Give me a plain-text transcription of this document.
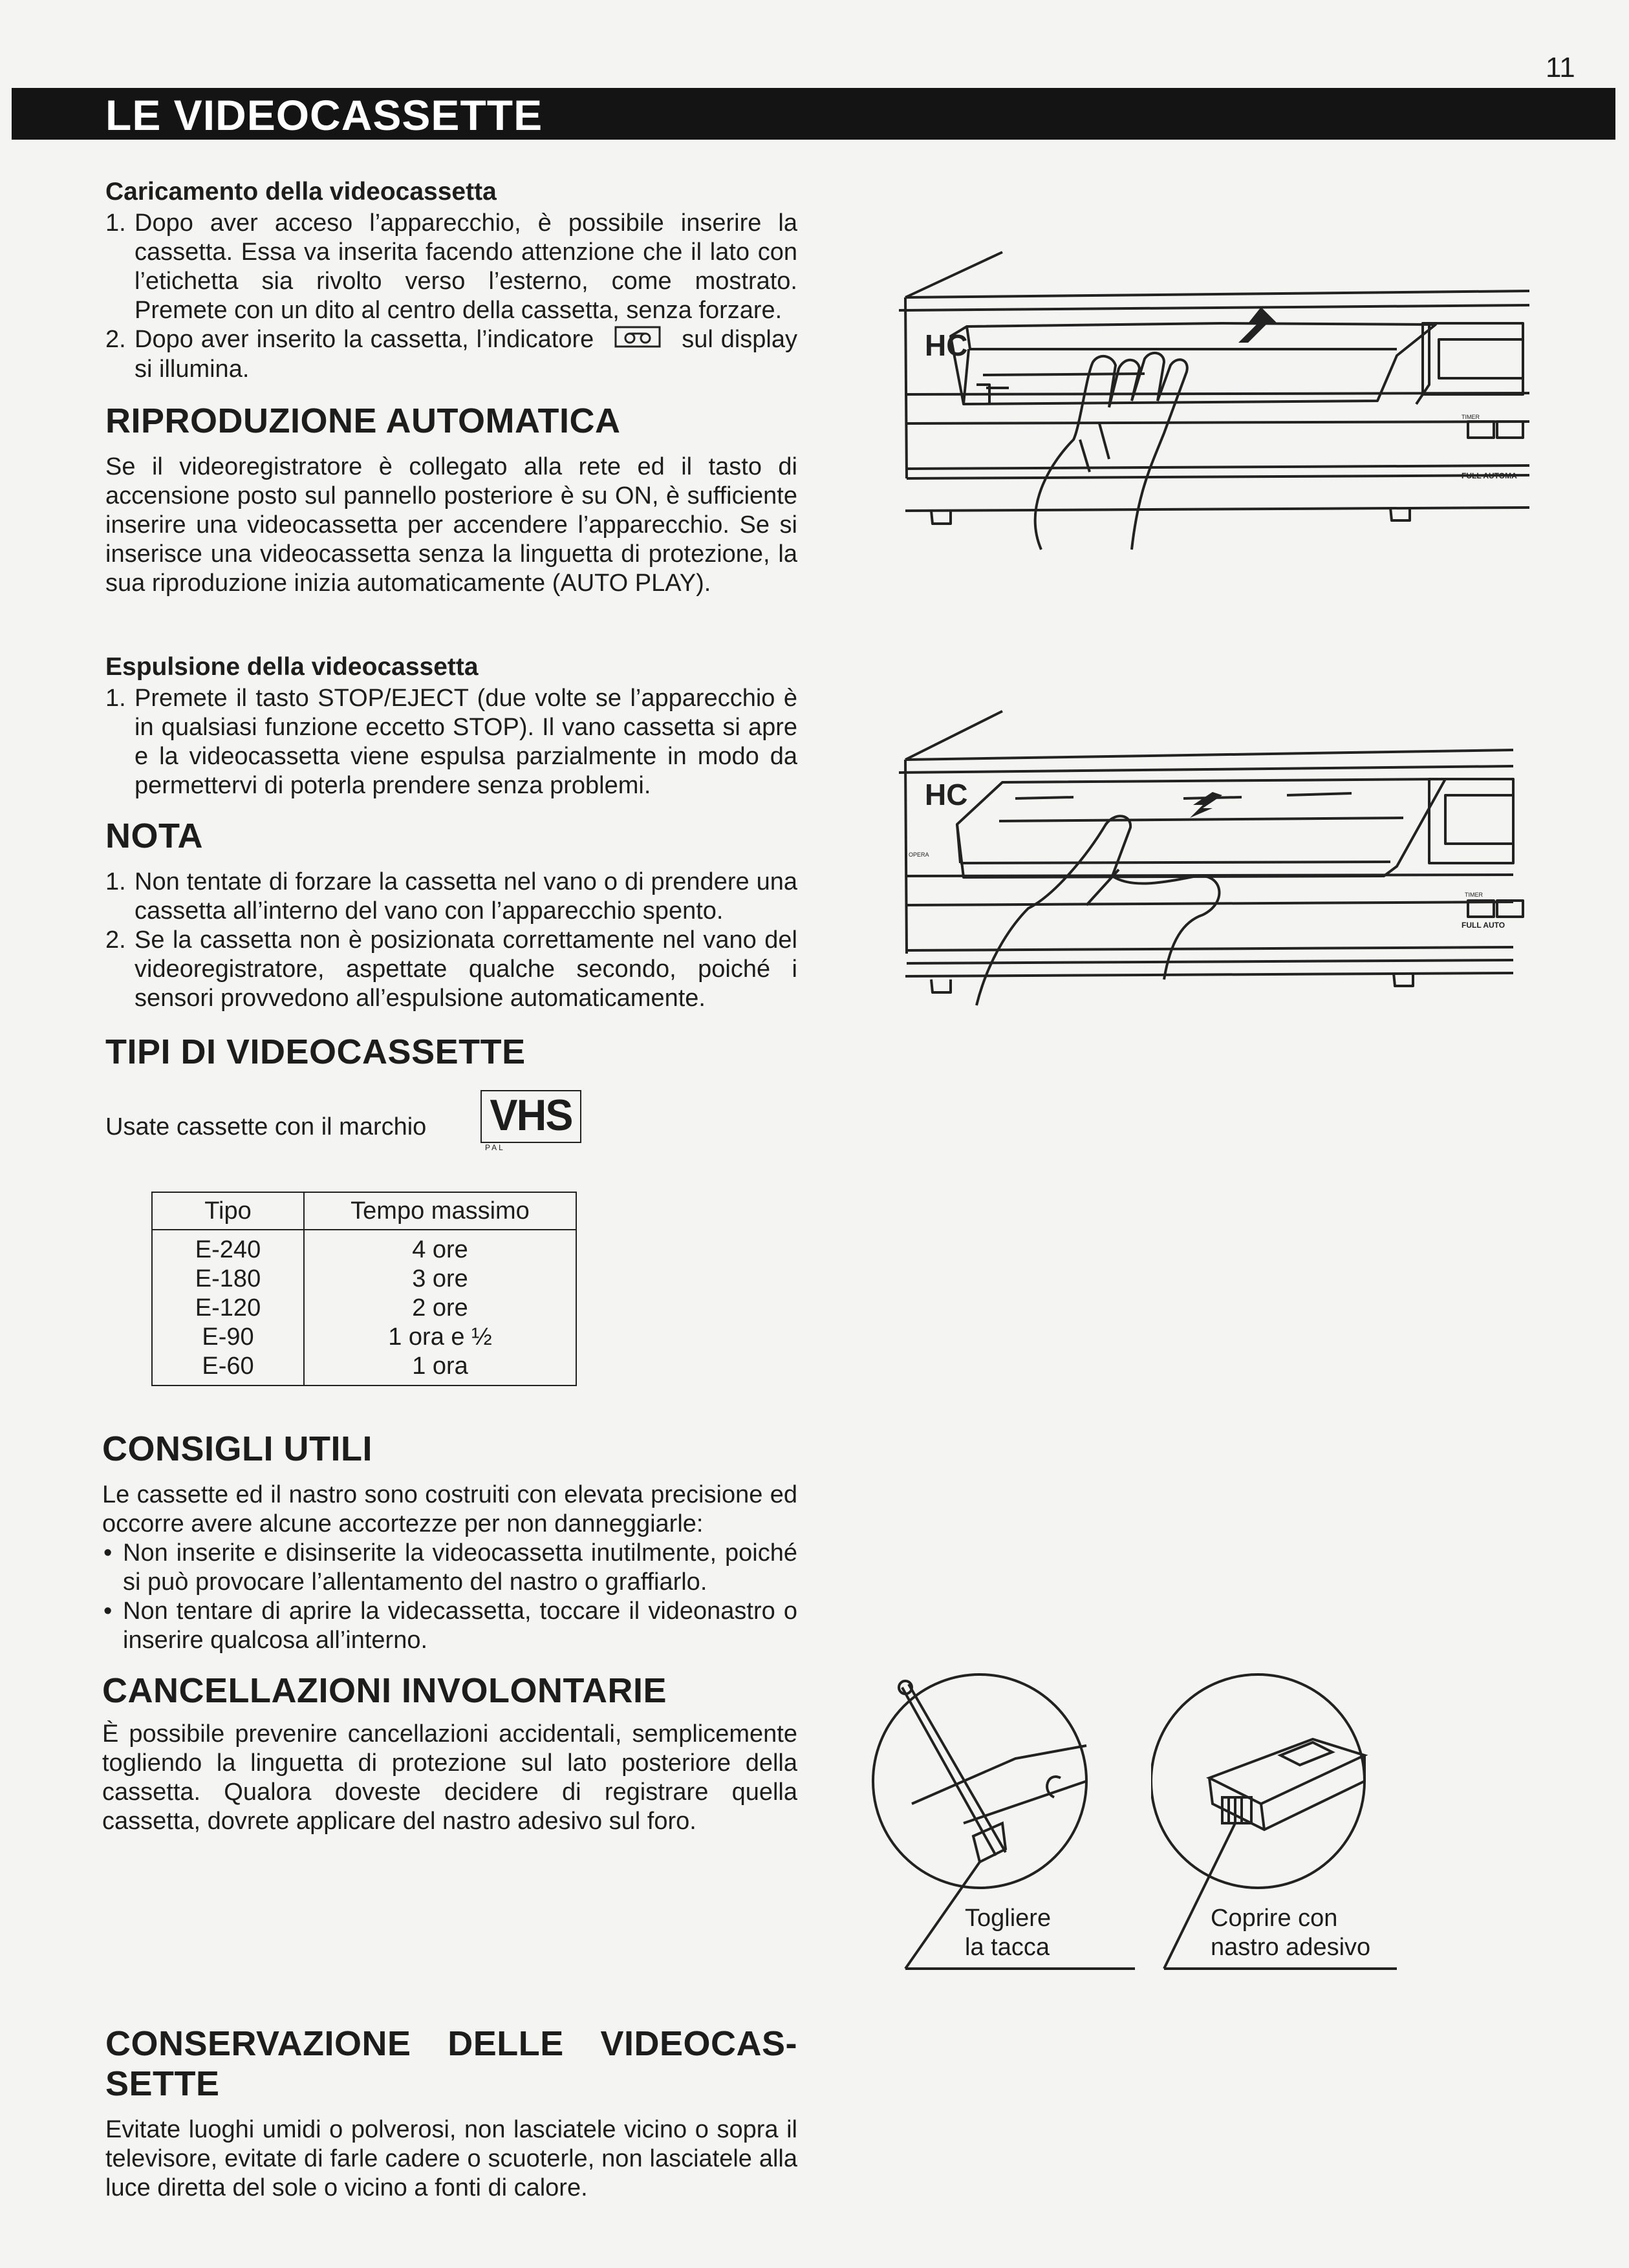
11
LE VIDEOCASSETTE
Caricamento della videocassetta
1. Dopo aver acceso l’apparecchio, è possibile inserire la cassetta. Essa va inserita facendo attenzione che il lato con l’etichetta sia rivolto verso l’esterno, come mostrato. Premete con un dito al centro della cassetta, senza forzare.
2. Dopo aver inserito la cassetta, l’indicatore	sul display si illumina.
RIPRODUZIONE AUTOMATICA
Se il videoregistratore è collegato alla rete ed il tasto di accensione posto sul pannello posteriore è su ON, è sufficiente inserire una videocassetta per accendere l’apparecchio. Se si inserisce una videocassetta senza la linguetta di protezione, la sua riproduzione inizia automaticamente (AUTO PLAY).
Espulsione della videocassetta
1. Premete il tasto STOP/EJECT (due volte se l’apparecchio è in qualsiasi funzione eccetto STOP). Il vano cassetta si apre e la videocassetta viene espulsa parzialmente in modo da permettervi di poterla prendere senza problemi.
NOTA
1. Non tentate di forzare la cassetta nel vano o di prendere una cassetta all’interno del vano con l’apparecchio spento.
2. Se la cassetta non è posizionata correttamente nel vano del videoregistratore, aspettate qualche secondo, poiché i sensori provvedono all’espulsione automaticamente.
TIPI DI VIDEOCASSETTE
Usate cassette con il marchio VHS
PAL
Tipo	Tempo massimo
E-240	4 ore
E-180	3 ore
E-120	2 ore
E-90	1 ora e ½
E-60	1 ora
CONSIGLI UTILI
Le cassette ed il nastro sono costruiti con elevata precisione ed occorre avere alcune accortezze per non danneggiarle:
• Non inserite e disinserite la videocassetta inutilmente, poiché si può provocare l’allentamento del nastro o graffiarlo.
• Non tentare di aprire la videcassetta, toccare il videonastro o inserire qualcosa all’interno.
CANCELLAZIONI INVOLONTARIE
È possibile prevenire cancellazioni accidentali, semplicemente togliendo la linguetta di protezione sul lato posteriore della cassetta. Qualora doveste decidere di registrare quella cassetta, dovrete applicare del nastro adesivo sul foro.
CONSERVAZIONE DELLE VIDEOCAS-
SETTE
Evitate luoghi umidi o polverosi, non lasciatele vicino o sopra il televisore, evitate di farle cadere o scuoterle, non lasciatele alla luce diretta del sole o vicino a fonti di calore.
HC
TIMER
FULL AUTOMA
HC
OPERA
TIMER
FULL AUTO
Togliere
la tacca
Coprire con
nastro adesivo
